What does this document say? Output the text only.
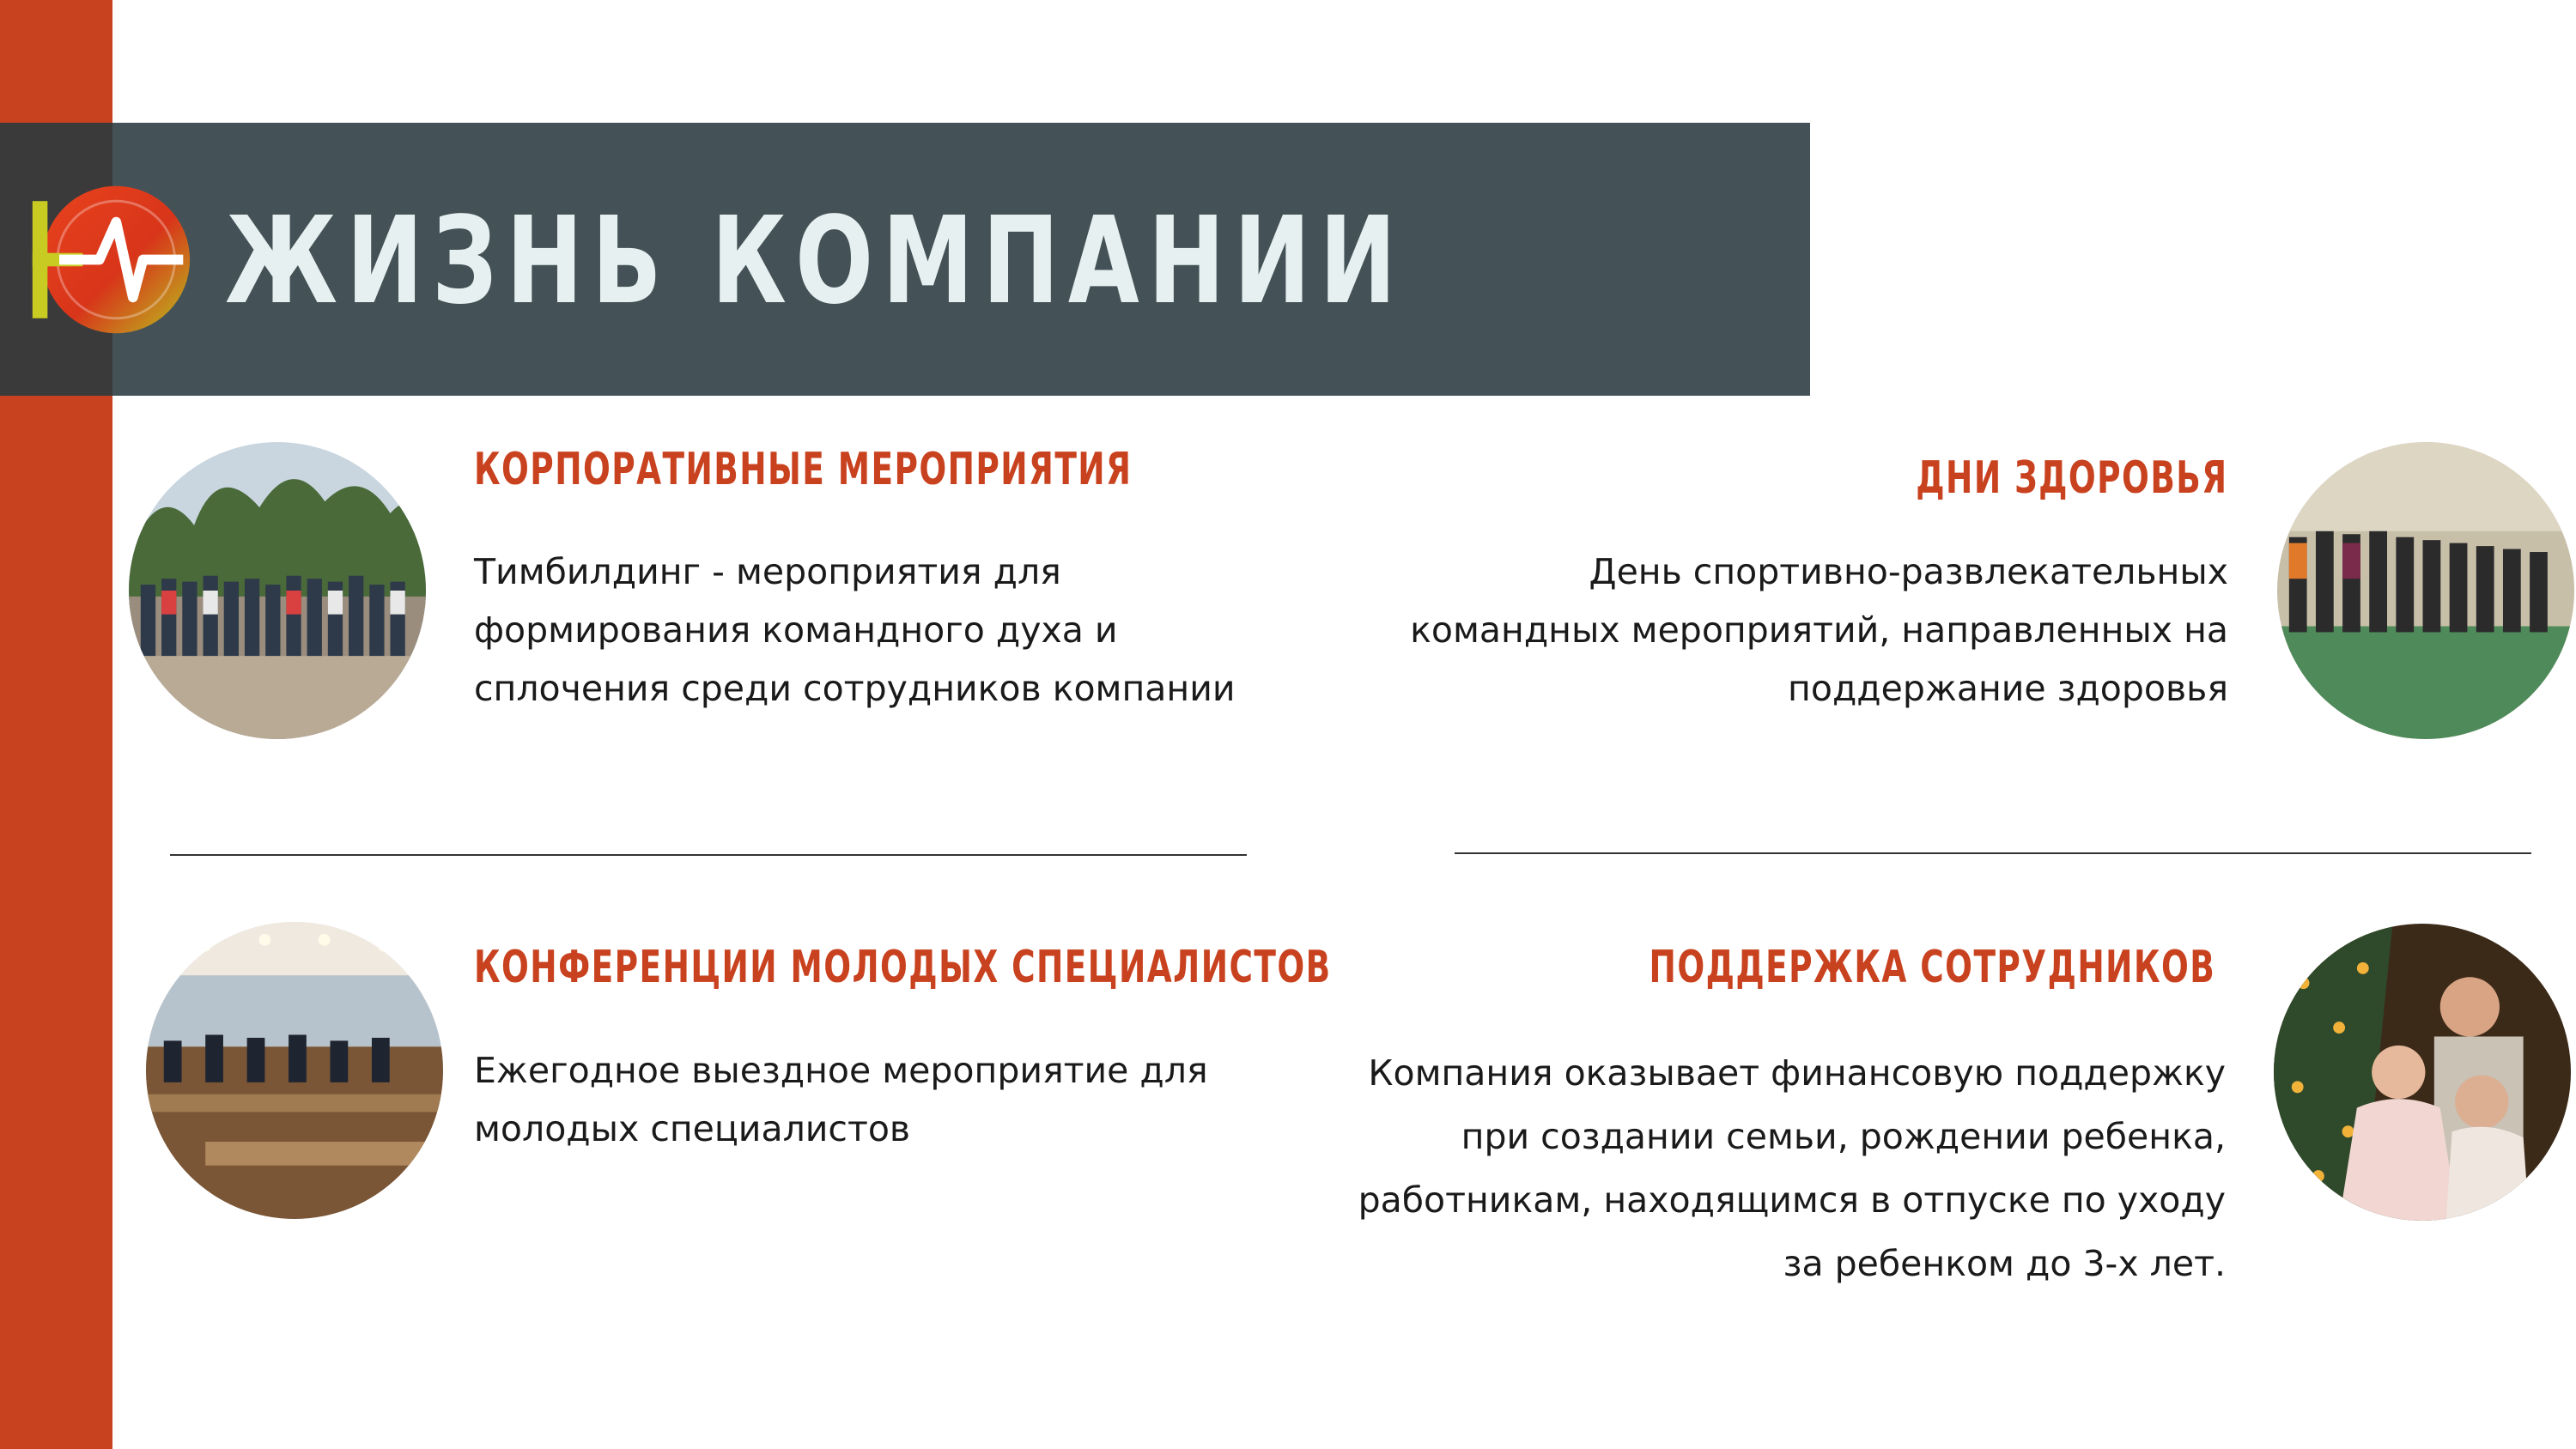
ЖИЗНЬ КОМПАНИИ
КОРПОРАТИВНЫЕ МЕРОПРИЯТИЯ

Тимбилдинг - мероприятия для
формирования командного духа и
сплочения среди сотрудников компании

ДНИ ЗДОРОВЬЯ

День спортивно-развлекательных
командных мероприятий, направленных на
поддержание здоровья

КОНФЕРЕНЦИИ МОЛОДЫХ СПЕЦИАЛИСТОВ

Ежегодное выездное мероприятие для
молодых специалистов

ПОДДЕРЖКА СОТРУДНИКОВ

Компания оказывает финансовую поддержку
при создании семьи, рождении ребенка,
работникам, находящимся в отпуске по уходу
за ребенком до 3-х лет.
